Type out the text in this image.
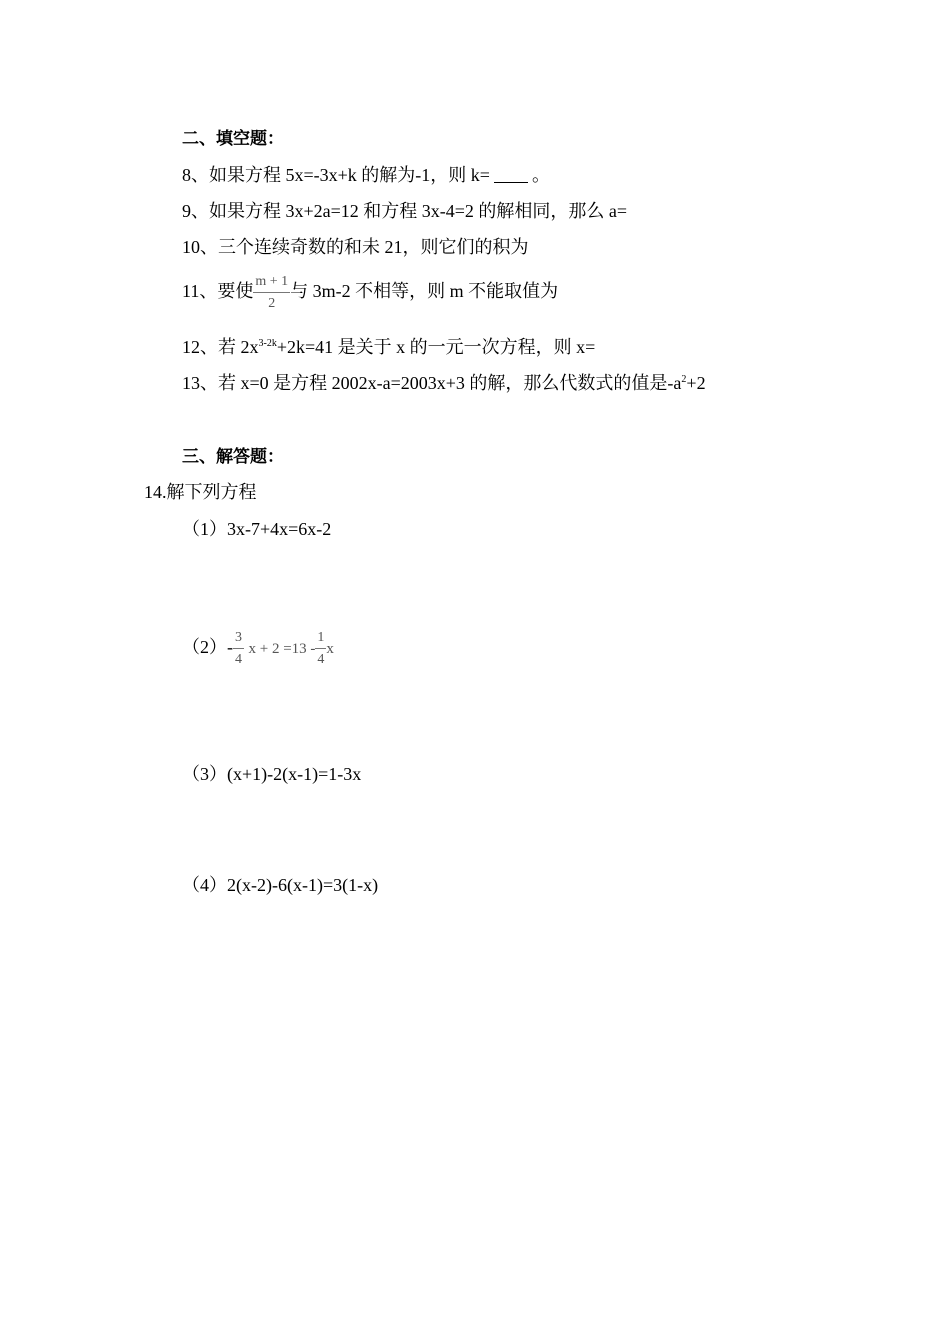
二、填空题：
8、如果方程 5x=-3x+k 的解为-1，则 k= 。
9、如果方程 3x+2a=12 和方程 3x-4=2 的解相同，那么 a=
10、三个连续奇数的和未 21，则它们的积为
11、要使 $\frac{m + 1}{2}$ 与 3m-2 不相等，则 m 不能取值为
12、若 $2x^{3-2k}+2k=41$ 是关于 x 的一元一次方程，则 x=
13、若 x=0 是方程 2002x-a=2003x+3 的解，那么代数式的值是$-a^2+2$
三、解答题：
14.解下列方程
（1）3x-7+4x=6x-2
$(2)- \frac{3}{4}$ $x + 2 =13 - \frac{1}{4}$ x
（3）(x+1)-2(x-1)=1-3x
（4）2(x-2)-6(x-1)=3(1-x)
